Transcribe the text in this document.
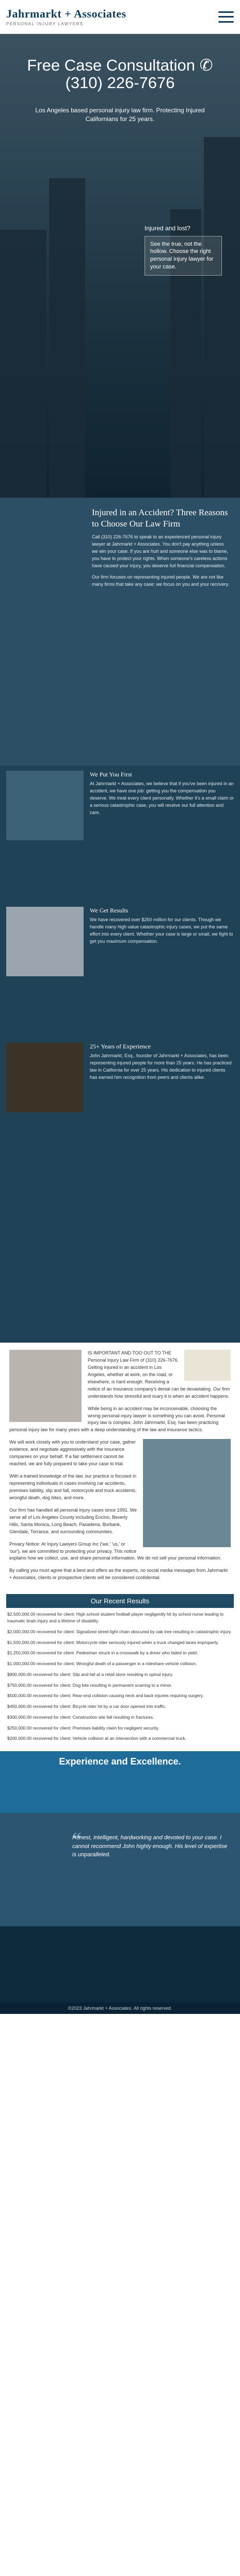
Jahrmarkt + Associates
PERSONAL INJURY LAWYERS
Free Case Consultation ✆ (310) 226-7676
Los Angeles based personal injury law firm. Protecting Injured Californians for 25 years.
Injured and lost?
See the true, not the hollow. Choose the right personal injury lawyer for your case.
Injured in an Accident? Three Reasons to Choose Our Law Firm

Call (310) 226-7676 to speak to an experienced personal injury lawyer at Jahrmarkt + Associates. You don't pay anything unless we win your case. If you are hurt and someone else was to blame, you have to protect your rights. When someone's careless actions have caused your injury, you deserve full financial compensation.

Our firm focuses on representing injured people. We are not like many firms that take any case; we focus on you and your recovery.

We Put You First

At Jahrmarkt + Associates, we believe that if you've been injured in an accident, we have one job: getting you the compensation you deserve. We treat every client personally. Whether it's a small claim or a serious catastrophic case, you will receive our full attention and care.

We Get Results

We have recovered over $250 million for our clients. Though we handle many high value catastrophic injury cases, we put the same effort into every client. Whether your case is large or small, we fight to get you maximum compensation.

25+ Years of Experience

John Jahrmarkt, Esq., founder of Jahrmarkt + Associates, has been representing injured people for more than 25 years. He has practiced law in California for over 25 years. His dedication to injured clients has earned him recognition from peers and clients alike.

IS IMPORTANT AND TOO OUT TO THE Personal Injury Law Firm of (310) 226-7676. Getting injured in an accident in Los Angeles, whether at work, on the road, or elsewhere, is hard enough. Receiving a notice of an insurance company's denial can be devastating. Our firm understands how stressful and scary it is when an accident happens.

While being in an accident may be inconceivable, choosing the wrong personal injury lawyer is something you can avoid. Personal injury law is complex. John Jahrmarkt, Esq. has been practicing personal injury law for many years with a deep understanding of the law and insurance tactics.

We will work closely with you to understand your case, gather evidence, and negotiate aggressively with the insurance companies on your behalf. If a fair settlement cannot be reached, we are fully prepared to take your case to trial.

With a trained knowledge of the law, our practice is focused in representing individuals in cases involving car accidents, premises liability, slip and fall, motorcycle and truck accidents, wrongful death, dog bites, and more.

Our firm has handled all personal injury cases since 1991. We serve all of Los Angeles County including Encino, Beverly Hills, Santa Monica, Long Beach, Pasadena, Burbank, Glendale, Torrance, and surrounding communities.

Privacy Notice: At Injury Lawyers Group Inc ('we,' 'us,' or 'our'), we are committed to protecting your privacy. This notice explains how we collect, use, and share personal information. We do not sell your personal information.

By calling you must agree that a best and offers as the experts, no social media messages from Jahrmarkt + Associates, clients or prospective clients will be considered confidential.

Our Recent Results

$2,500,000.00 recovered for client: High school student football player negligently hit by school nurse leading to traumatic brain injury and a lifetime of disability.

$2,000,000.00 recovered for client: Signalized street light chain obscured by oak tree resulting in catastrophic injury.

$1,500,000.00 recovered for client: Motorcycle rider seriously injured when a truck changed lanes improperly.

$1,250,000.00 recovered for client: Pedestrian struck in a crosswalk by a driver who failed to yield.

$1,000,000.00 recovered for client: Wrongful death of a passenger in a rideshare vehicle collision.

$900,000.00 recovered for client: Slip and fall at a retail store resulting in spinal injury.

$750,000.00 recovered for client: Dog bite resulting in permanent scarring to a minor.

$500,000.00 recovered for client: Rear-end collision causing neck and back injuries requiring surgery.

$450,000.00 recovered for client: Bicycle rider hit by a car door opened into traffic.

$300,000.00 recovered for client: Construction site fall resulting in fractures.

$250,000.00 recovered for client: Premises liability claim for negligent security.

$200,000.00 recovered for client: Vehicle collision at an intersection with a commercial truck.

Experience and Excellence.
“
Honest, intelligent, hardworking and devoted to your case. I cannot recommend John highly enough. His level of expertise is unparalleled.
©2023 Jahrmarkt + Associates. All rights reserved.
